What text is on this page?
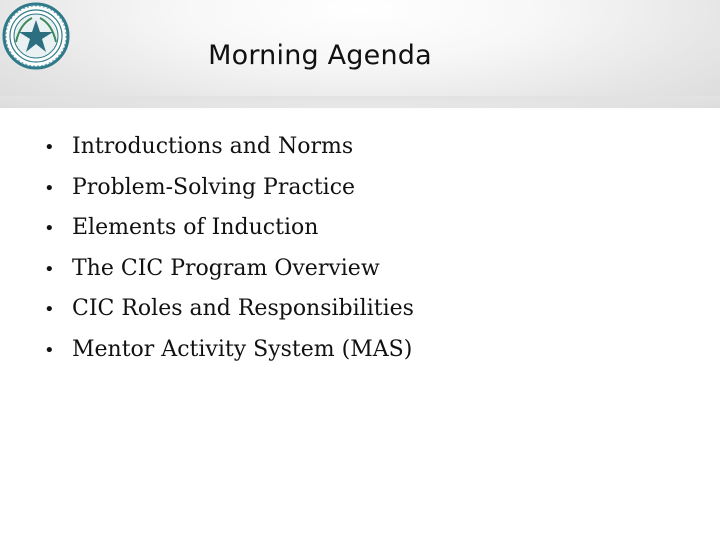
Morning Agenda
• Introductions and Norms
• Problem-Solving Practice
• Elements of Induction
• The CIC Program Overview
• CIC Roles and Responsibilities
• Mentor Activity System (MAS)
